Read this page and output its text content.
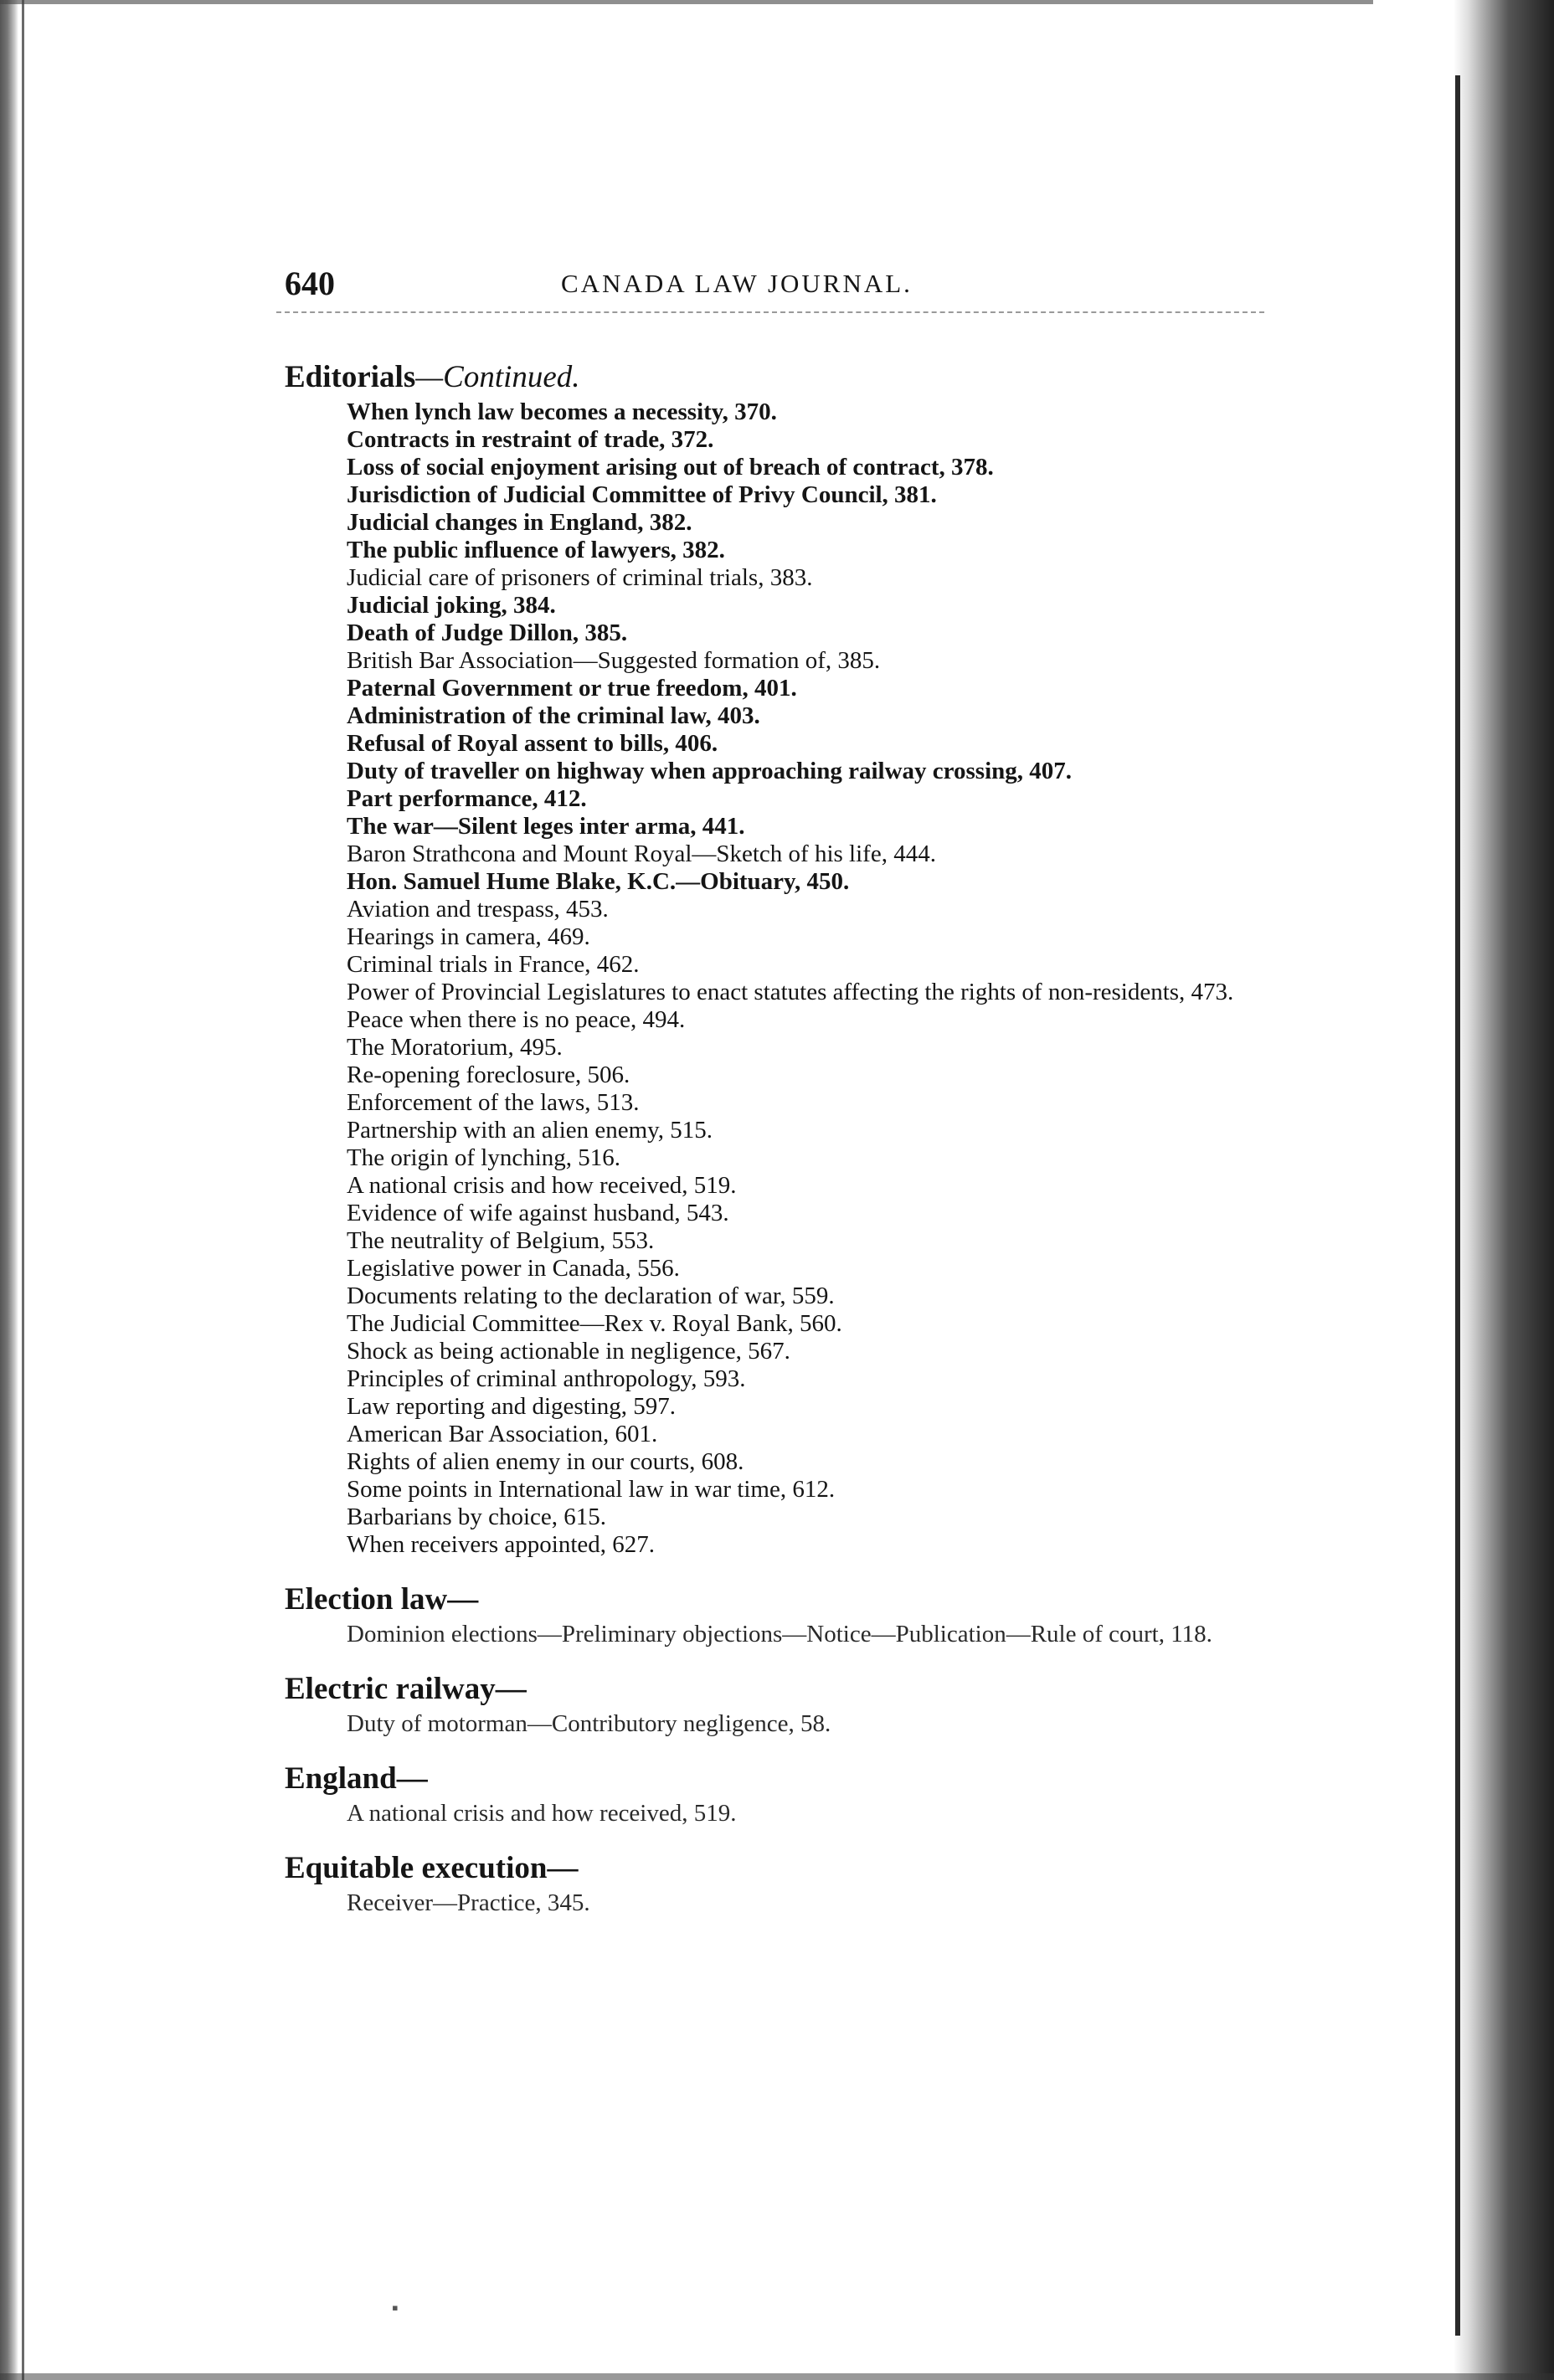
640	CANADA LAW JOURNAL.
Editorials—Continued.
When lynch law becomes a necessity, 370.
Contracts in restraint of trade, 372.
Loss of social enjoyment arising out of breach of contract, 378.
Jurisdiction of Judicial Committee of Privy Council, 381.
Judicial changes in England, 382.
The public influence of lawyers, 382.
Judicial care of prisoners of criminal trials, 383.
Judicial joking, 384.
Death of Judge Dillon, 385.
British Bar Association—Suggested formation of, 385.
Paternal Government or true freedom, 401.
Administration of the criminal law, 403.
Refusal of Royal assent to bills, 406.
Duty of traveller on highway when approaching railway crossing, 407.
Part performance, 412.
The war—Silent leges inter arma, 441.
Baron Strathcona and Mount Royal—Sketch of his life, 444.
Hon. Samuel Hume Blake, K.C.—Obituary, 450.
Aviation and trespass, 453.
Hearings in camera, 469.
Criminal trials in France, 462.
Power of Provincial Legislatures to enact statutes affecting the rights of non-residents, 473.
Peace when there is no peace, 494.
The Moratorium, 495.
Re-opening foreclosure, 506.
Enforcement of the laws, 513.
Partnership with an alien enemy, 515.
The origin of lynching, 516.
A national crisis and how received, 519.
Evidence of wife against husband, 543.
The neutrality of Belgium, 553.
Legislative power in Canada, 556.
Documents relating to the declaration of war, 559.
The Judicial Committee—Rex v. Royal Bank, 560.
Shock as being actionable in negligence, 567.
Principles of criminal anthropology, 593.
Law reporting and digesting, 597.
American Bar Association, 601.
Rights of alien enemy in our courts, 608.
Some points in International law in war time, 612.
Barbarians by choice, 615.
When receivers appointed, 627.
Election law—
Dominion elections—Preliminary objections—Notice—Publication—Rule of court, 118.
Electric railway—
Duty of motorman—Contributory negligence, 58.
England—
A national crisis and how received, 519.
Equitable execution—
Receiver—Practice, 345.
▪
